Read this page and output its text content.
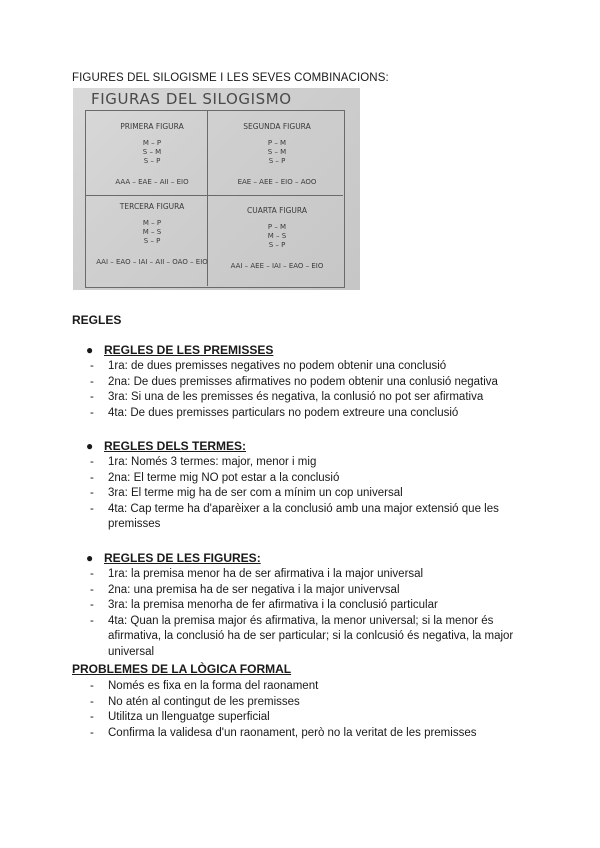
FIGURES DEL SILOGISME I LES SEVES COMBINACIONS:
FIGURAS DEL SILOGISMO
PRIMERA FIGURA
M – P
S – M
S – P
AAA – EAE – AII – EIO
SEGUNDA FIGURA
P – M
S – M
S – P
EAE – AEE – EIO – AOO
TERCERA FIGURA
M – P
M – S
S – P
AAI – EAO – IAI – AII – OAO – EIO
CUARTA FIGURA
P – M
M – S
S – P
AAI – AEE – IAI – EAO – EIO
REGLES
● REGLES DE LES PREMISSES
- 1ra: de dues premisses negatives no podem obtenir una conclusió
- 2na: De dues premisses afirmatives no podem obtenir una conlusió negativa
- 3ra: Si una de les premisses és negativa, la conlusió no pot ser afirmativa
- 4ta: De dues premisses particulars no podem extreure una conclusió
● REGLES DELS TERMES:
- 1ra: Només 3 termes: major, menor i mig
- 2na: El terme mig NO pot estar a la conclusió
- 3ra: El terme mig ha de ser com a mínim un cop universal
- 4ta: Cap terme ha d'aparèixer a la conclusió amb una major extensió que les premisses
● REGLES DE LES FIGURES:
- 1ra: la premisa menor ha de ser afirmativa i la major universal
- 2na: una premisa ha de ser negativa i la major univervsal
- 3ra: la premisa menorha de fer afirmativa i la conclusió particular
- 4ta: Quan la premisa major és afirmativa, la menor universal; si la menor és afirmativa, la conclusió ha de ser particular; si la conlcusió és negativa, la major universal
PROBLEMES DE LA LÒGICA FORMAL
- Només es fixa en la forma del raonament
- No atén al contingut de les premisses
- Utilitza un llenguatge superficial
- Confirma la validesa d'un raonament, però no la veritat de les premisses
